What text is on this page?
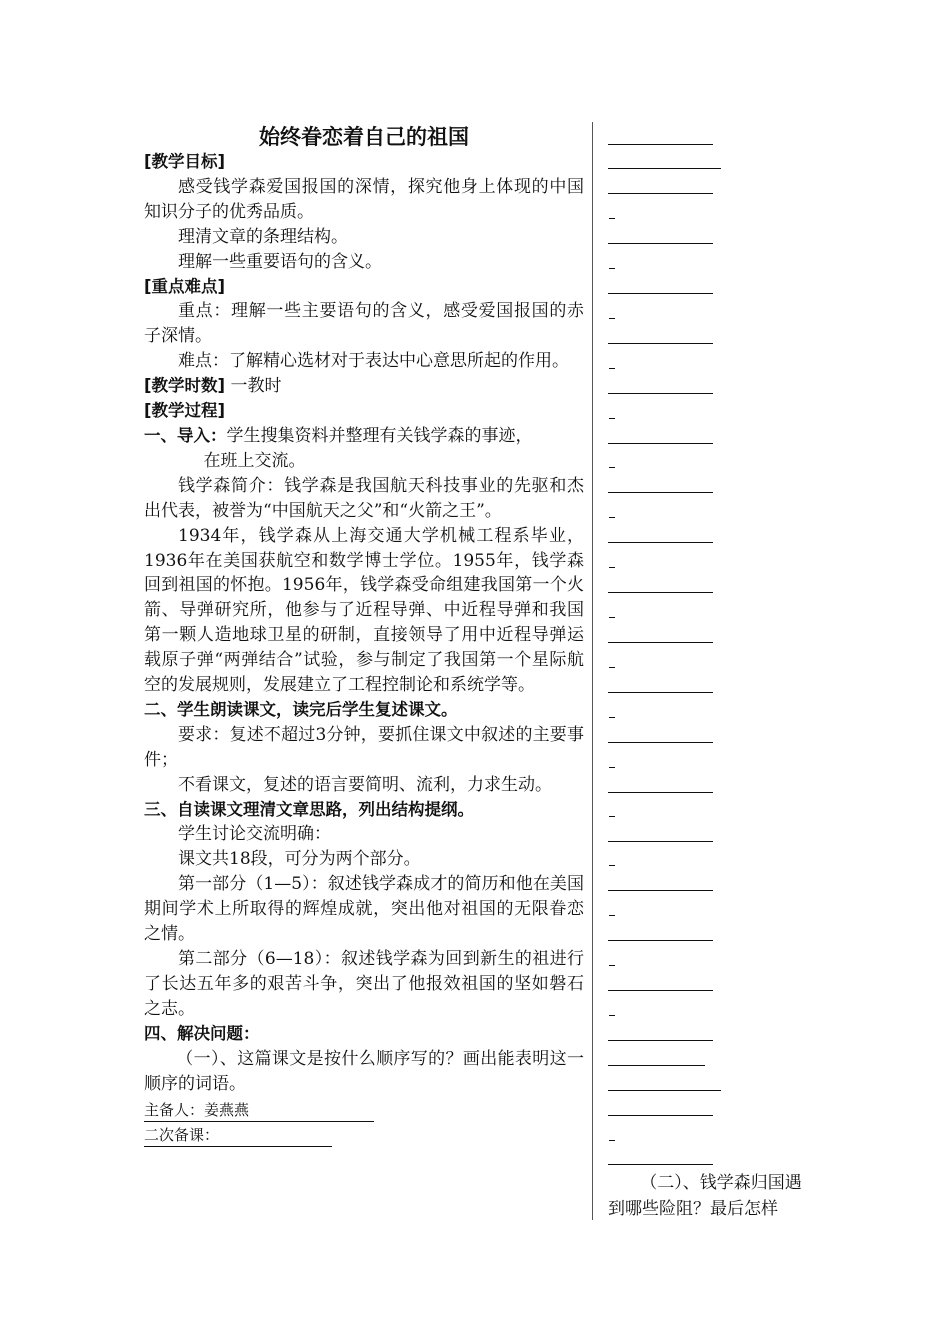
始终眷恋着自己的祖国
[教学目标]

感受钱学森爱国报国的深情，探究他身上体现的中国知识分子的优秀品质。

理清文章的条理结构。

理解一些重要语句的含义。

[重点难点]

重点：理解一些主要语句的含义，感受爱国报国的赤子深情。

难点：了解精心选材对于表达中心意思所起的作用。

[教学时数] 一教时
[教学过程]
一、导入：学生搜集资料并整理有关钱学森的事迹，

在班上交流。

钱学森简介：钱学森是我国航天科技事业的先驱和杰出代表，被誉为“中国航天之父”和“火箭之王”。

1934年，钱学森从上海交通大学机械工程系毕业，1936年在美国获航空和数学博士学位。1955年，钱学森回到祖国的怀抱。1956年，钱学森受命组建我国第一个火箭、导弹研究所，他参与了近程导弹、中近程导弹和我国第一颗人造地球卫星的研制，直接领导了用中近程导弹运载原子弹“两弹结合”试验，参与制定了我国第一个星际航空的发展规则，发展建立了工程控制论和系统学等。

二、学生朗读课文，读完后学生复述课文。

要求：复述不超过3分钟，要抓住课文中叙述的主要事件；

不看课文，复述的语言要简明、流利，力求生动。

三、自读课文理清文章思路，列出结构提纲。

学生讨论交流明确：

课文共18段，可分为两个部分。

第一部分（1—5）：叙述钱学森成才的简历和他在美国期间学术上所取得的辉煌成就，突出他对祖国的无限眷恋之情。

第二部分（6—18）：叙述钱学森为回到新生的祖进行了长达五年多的艰苦斗争，突出了他报效祖国的坚如磐石之志。

四、解决问题：

（一）、这篇课文是按什么顺序写的？画出能表明这一顺序的词语。

主备人：姜燕燕
二次备课：
（二）、钱学森归国遇到哪些险阻？最后怎样
